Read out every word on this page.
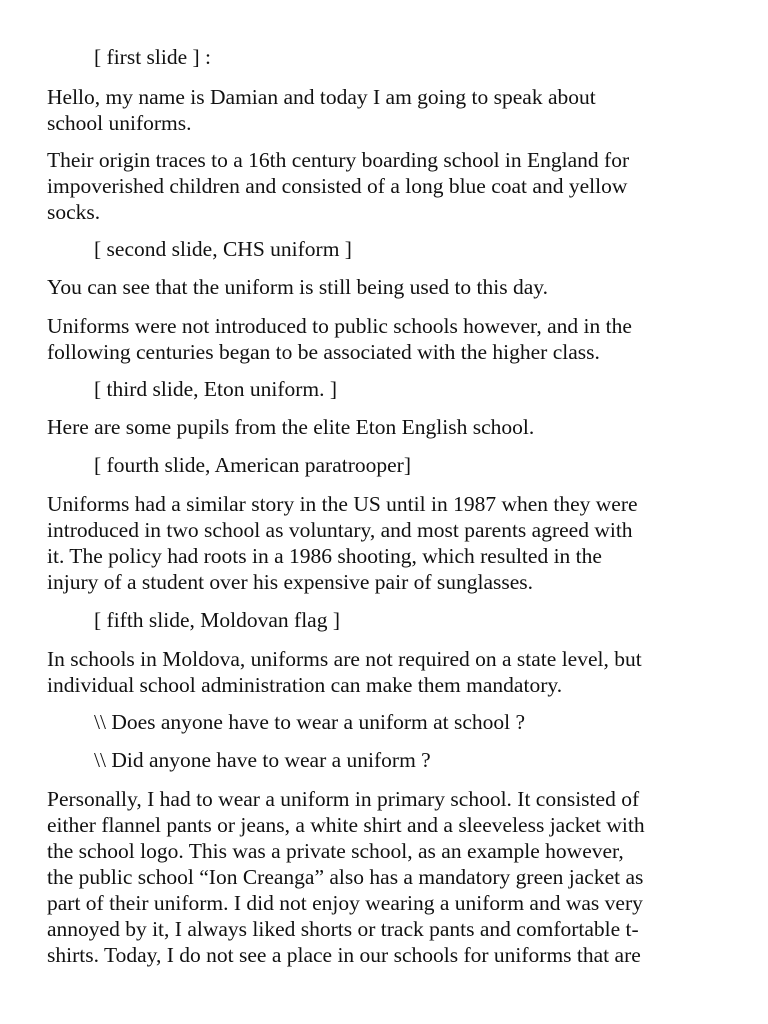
[ first slide ] :
Hello, my name is Damian and today I am going to speak about
school uniforms.
Their origin traces to a 16th century boarding school in England for
impoverished children and consisted of a long blue coat and yellow
socks.
[ second slide, CHS uniform ]
You can see that the uniform is still being used to this day.
Uniforms were not introduced to public schools however, and in the
following centuries began to be associated with the higher class.
[ third slide, Eton uniform. ]
Here are some pupils from the elite Eton English school.
[ fourth slide, American paratrooper]
Uniforms had a similar story in the US until in 1987 when they were
introduced in two school as voluntary, and most parents agreed with
it. The policy had roots in a 1986 shooting, which resulted in the
injury of a student over his expensive pair of sunglasses.
[ fifth slide, Moldovan flag ]
In schools in Moldova, uniforms are not required on a state level, but
individual school administration can make them mandatory.
\\ Does anyone have to wear a uniform at school ?
\\ Did anyone have to wear a uniform ?
Personally, I had to wear a uniform in primary school. It consisted of
either flannel pants or jeans, a white shirt and a sleeveless jacket with
the school logo. This was a private school, as an example however,
the public school “Ion Creanga” also has a mandatory green jacket as
part of their uniform. I did not enjoy wearing a uniform and was very
annoyed by it, I always liked shorts or track pants and comfortable t-
shirts. Today, I do not see a place in our schools for uniforms that are
